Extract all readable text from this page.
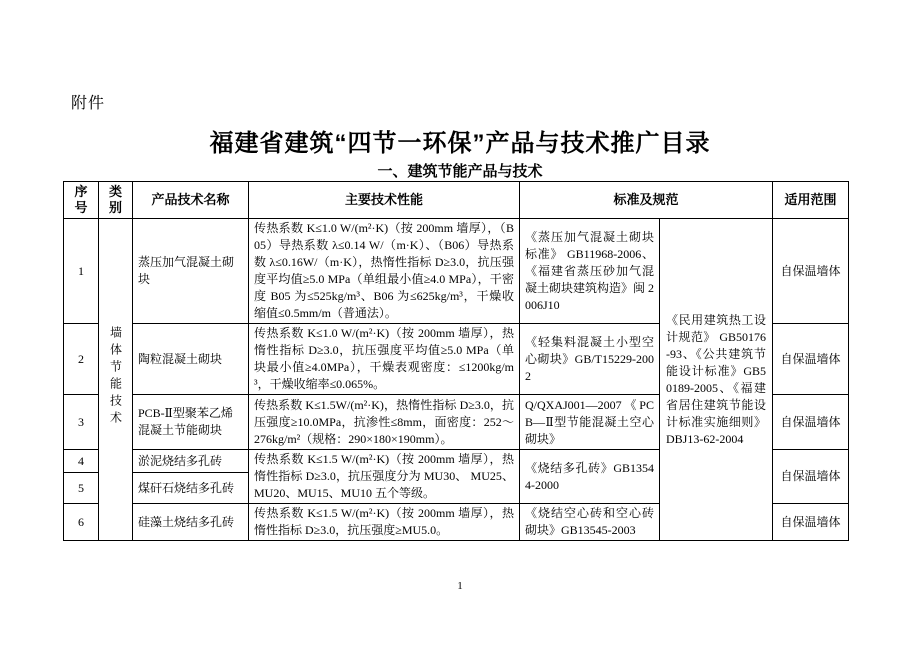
附件
福建省建筑“四节一环保”产品与技术推广目录
一、建筑节能产品与技术
序号	类别	产品技术名称	主要技术性能	标准及规范		适用范围
1	墙体节能技术	蒸压加气混凝土砌块	传热系数 K≤1.0 W/(m²·K)（按 200mm 墙厚），（B05）导热系数 λ≤0.14 W/（m·K）、（B06）导热系数 λ≤0.16W/（m·K），热惰性指标 D≥3.0，抗压强度平均值≥5.0 MPa（单组最小值≥4.0 MPa），干密度 B05 为≤525kg/m³、B06 为≤625kg/m³，干燥收缩值≤0.5mm/m（普通法）。	《蒸压加气混凝土砌块标准》 GB11968-2006、《福建省蒸压砂加气混凝土砌块建筑构造》闽 2006J10	《民用建筑热工设计规范》 GB50176-93、《公共建筑节能设计标准》GB50189-2005、《福建省居住建筑节能设计标准实施细则》DBJ13-62-2004	自保温墙体
2		陶粒混凝土砌块	传热系数 K≤1.0 W/(m²·K)（按 200mm 墙厚），热惰性指标 D≥3.0，抗压强度平均值≥5.0 MPa（单块最小值≥4.0MPa），干燥表观密度：≤1200kg/m³，干燥收缩率≤0.065%。	《轻集料混凝土小型空心砌块》GB/T15229-2002		自保温墙体
3		PCB-Ⅱ型聚苯乙烯混凝土节能砌块	传热系数 K≤1.5W/(m²·K)，热惰性指标 D≥3.0，抗压强度≥10.0MPa，抗渗性≤8mm，面密度：252～276kg/m²（规格：290×180×190mm）。	Q/QXAJ001—2007《PCB—Ⅱ型节能混凝土空心砌块》		自保温墙体
4		淤泥烧结多孔砖	传热系数 K≤1.5 W/(m²·K)（按 200mm 墙厚），热惰性指标 D≥3.0，抗压强度分为 MU30、 MU25、 MU20、MU15、MU10 五个等级。	《烧结多孔砖》GB13544-2000		自保温墙体
5		煤矸石烧结多孔砖				
6		硅藻土烧结多孔砖	传热系数 K≤1.5 W/(m²·K)（按 200mm 墙厚），热惰性指标 D≥3.0，抗压强度≥MU5.0。	《烧结空心砖和空心砖砌块》GB13545-2003		自保温墙体
1
